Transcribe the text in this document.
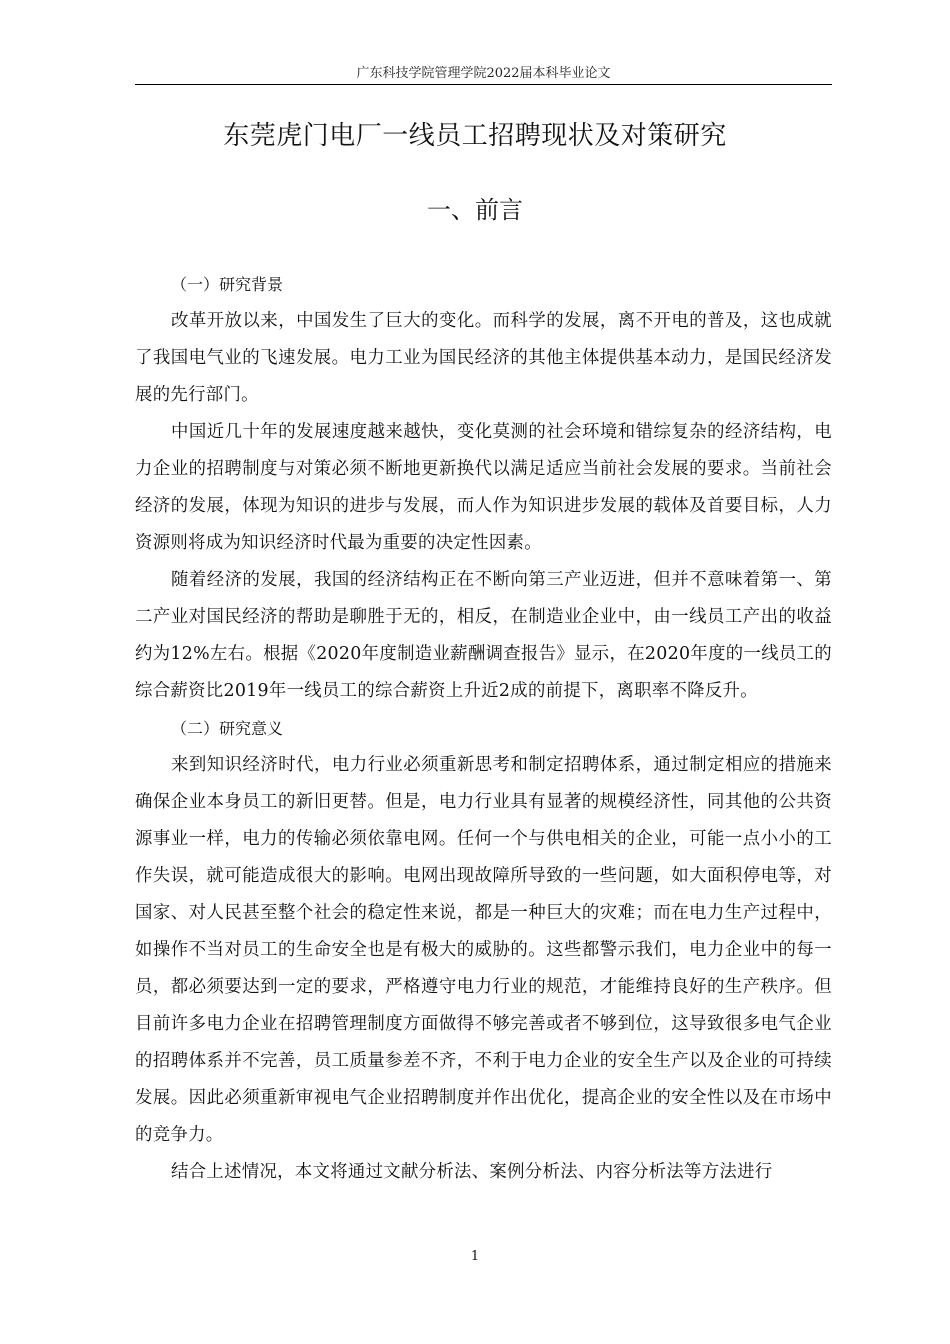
广东科技学院管理学院2022届本科毕业论文
东莞虎门电厂一线员工招聘现状及对策研究
一、前言
（一）研究背景

改革开放以来，中国发生了巨大的变化。而科学的发展，离不开电的普及，这也成就了我国电气业的飞速发展。电力工业为国民经济的其他主体提供基本动力，是国民经济发展的先行部门。

中国近几十年的发展速度越来越快，变化莫测的社会环境和错综复杂的经济结构，电力企业的招聘制度与对策必须不断地更新换代以满足适应当前社会发展的要求。当前社会经济的发展，体现为知识的进步与发展，而人作为知识进步发展的载体及首要目标，人力资源则将成为知识经济时代最为重要的决定性因素。

随着经济的发展，我国的经济结构正在不断向第三产业迈进，但并不意味着第一、第二产业对国民经济的帮助是聊胜于无的，相反，在制造业企业中，由一线员工产出的收益约为12%左右。根据《2020年度制造业薪酬调查报告》显示，在2020年度的一线员工的综合薪资比2019年一线员工的综合薪资上升近2成的前提下，离职率不降反升。

（二）研究意义

来到知识经济时代，电力行业必须重新思考和制定招聘体系，通过制定相应的措施来确保企业本身员工的新旧更替。但是，电力行业具有显著的规模经济性，同其他的公共资源事业一样，电力的传输必须依靠电网。任何一个与供电相关的企业，可能一点小小的工作失误，就可能造成很大的影响。电网出现故障所导致的一些问题，如大面积停电等，对国家、对人民甚至整个社会的稳定性来说，都是一种巨大的灾难；而在电力生产过程中，如操作不当对员工的生命安全也是有极大的威胁的。这些都警示我们，电力企业中的每一员，都必须要达到一定的要求，严格遵守电力行业的规范，才能维持良好的生产秩序。但目前许多电力企业在招聘管理制度方面做得不够完善或者不够到位，这导致很多电气企业的招聘体系并不完善，员工质量参差不齐，不利于电力企业的安全生产以及企业的可持续发展。因此必须重新审视电气企业招聘制度并作出优化，提高企业的安全性以及在市场中的竞争力。

结合上述情况，本文将通过文献分析法、案例分析法、内容分析法等方法进行

1
